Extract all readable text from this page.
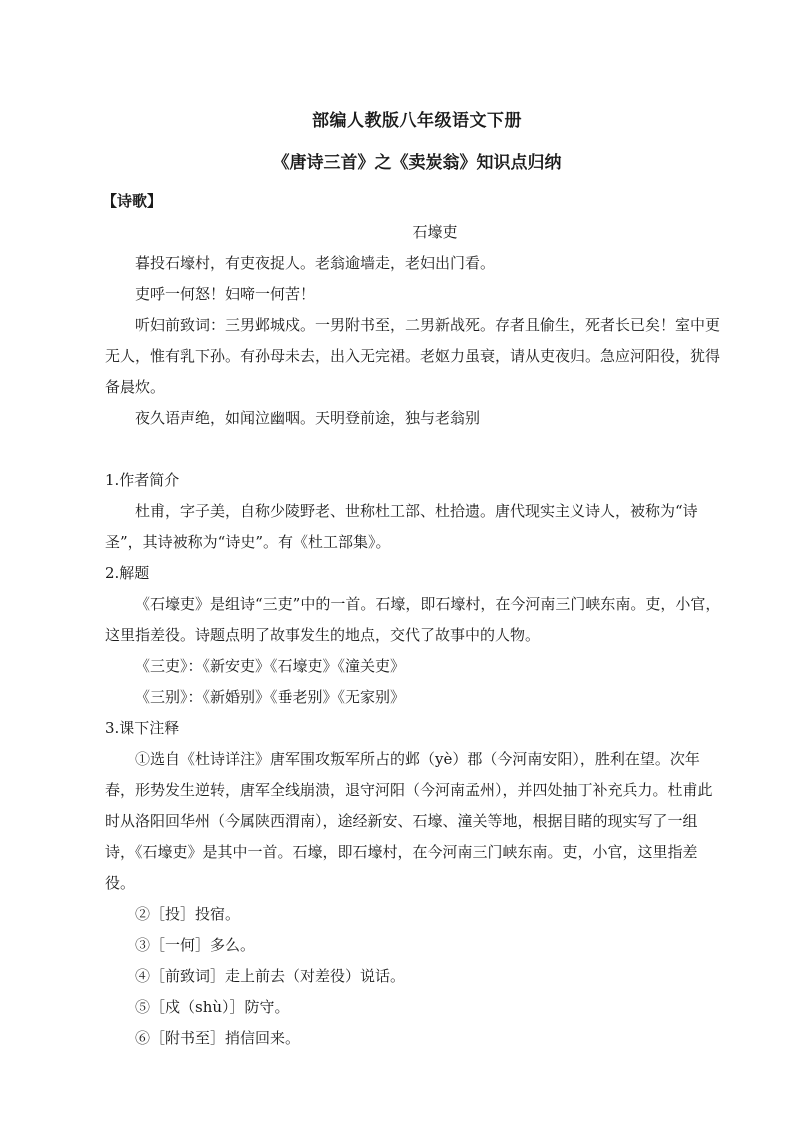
部编人教版八年级语文下册
《唐诗三首》之《卖炭翁》知识点归纳

【诗歌】

石壕吏

暮投石壕村，有吏夜捉人。老翁逾墙走，老妇出门看。

吏呼一何怒！妇啼一何苦！

听妇前致词：三男邺城戍。一男附书至，二男新战死。存者且偷生，死者长已矣！室中更无人，惟有乳下孙。有孙母未去，出入无完裙。老妪力虽衰，请从吏夜归。急应河阳役，犹得备晨炊。

夜久语声绝，如闻泣幽咽。天明登前途，独与老翁别

1.作者简介

杜甫，字子美，自称少陵野老、世称杜工部、杜拾遗。唐代现实主义诗人，被称为“诗圣”，其诗被称为“诗史”。有《杜工部集》。

2.解题

《石壕吏》是组诗“三吏”中的一首。石壕，即石壕村，在今河南三门峡东南。吏，小官，这里指差役。诗题点明了故事发生的地点，交代了故事中的人物。

《三吏》：《新安吏》《石壕吏》《潼关吏》

《三别》：《新婚别》《垂老别》《无家别》

3.课下注释

①选自《杜诗详注》唐军围攻叛军所占的邺（yè）郡（今河南安阳），胜利在望。次年春，形势发生逆转，唐军全线崩溃，退守河阳（今河南孟州），并四处抽丁补充兵力。杜甫此时从洛阳回华州（今属陕西渭南），途经新安、石壕、潼关等地，根据目睹的现实写了一组诗，《石壕吏》是其中一首。石壕，即石壕村，在今河南三门峡东南。吏，小官，这里指差役。

②［投］投宿。

③［一何］多么。

④［前致词］走上前去（对差役）说话。

⑤［戍（shù）］防守。

⑥［附书至］捎信回来。
